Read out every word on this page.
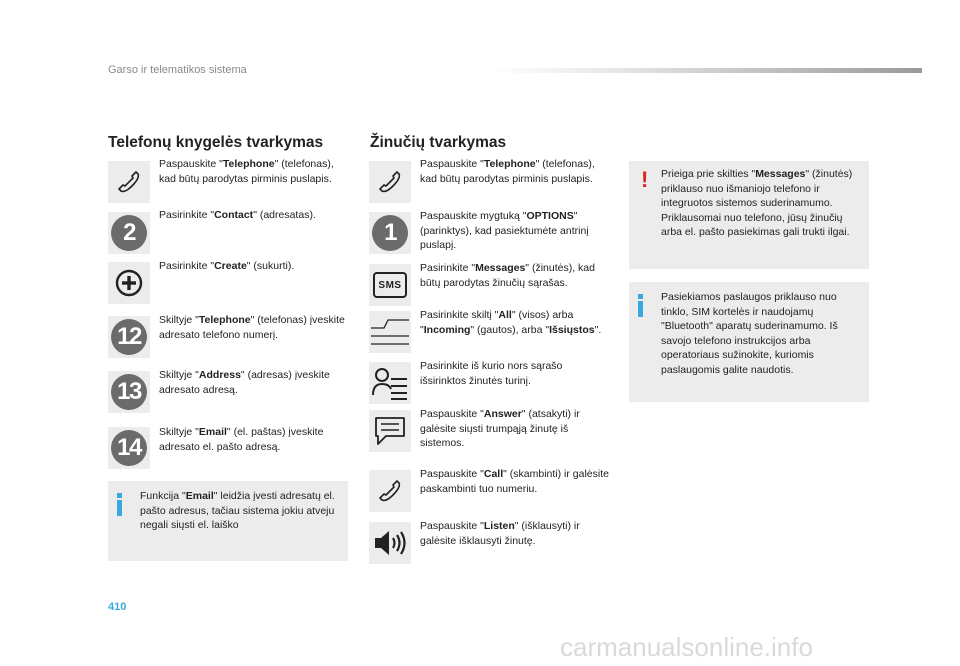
Garso ir telematikos sistema
Telefonų knygelės tvarkymas
Paspauskite "Telephone" (telefonas), kad būtų parodytas pirminis puslapis.
2
Pasirinkite "Contact" (adresatas).
Pasirinkite "Create" (sukurti).
12
Skiltyje "Telephone" (telefonas) įveskite adresato telefono numerį.
13
Skiltyje "Address" (adresas) įveskite adresato adresą.
14
Skiltyje "Email" (el. paštas) įveskite adresato el. pašto adresą.
Funkcija "Email" leidžia įvesti adresatų el. pašto adresus, tačiau sistema jokiu atveju negali siųsti el. laiško
Žinučių tvarkymas
Paspauskite "Telephone" (telefonas), kad būtų parodytas pirminis puslapis.
1
Paspauskite mygtuką "OPTIONS" (parinktys), kad pasiektumėte antrinį puslapį.
SMS
Pasirinkite "Messages" (žinutės), kad būtų parodytas žinučių sąrašas.
Pasirinkite skiltį "All" (visos) arba "Incoming" (gautos), arba "Išsiųstos".
Pasirinkite iš kurio nors sąrašo išsirinktos žinutės turinį.
Paspauskite "Answer" (atsakyti) ir galėsite siųsti trumpąją žinutę iš sistemos.
Paspauskite "Call" (skambinti) ir galėsite paskambinti tuo numeriu.
Paspauskite "Listen" (išklausyti) ir galėsite išklausyti žinutę.
! Prieiga prie skilties "Messages" (žinutės) priklauso nuo išmaniojo telefono ir integruotos sistemos suderinamumo. Priklausomai nuo telefono, jūsų žinučių arba el. pašto pasiekimas gali trukti ilgai.
Pasiekiamos paslaugos priklauso nuo tinklo, SIM kortelės ir naudojamų "Bluetooth" aparatų suderinamumo. Iš savojo telefono instrukcijos arba operatoriaus sužinokite, kuriomis paslaugomis galite naudotis.
410
carmanualsonline.info
